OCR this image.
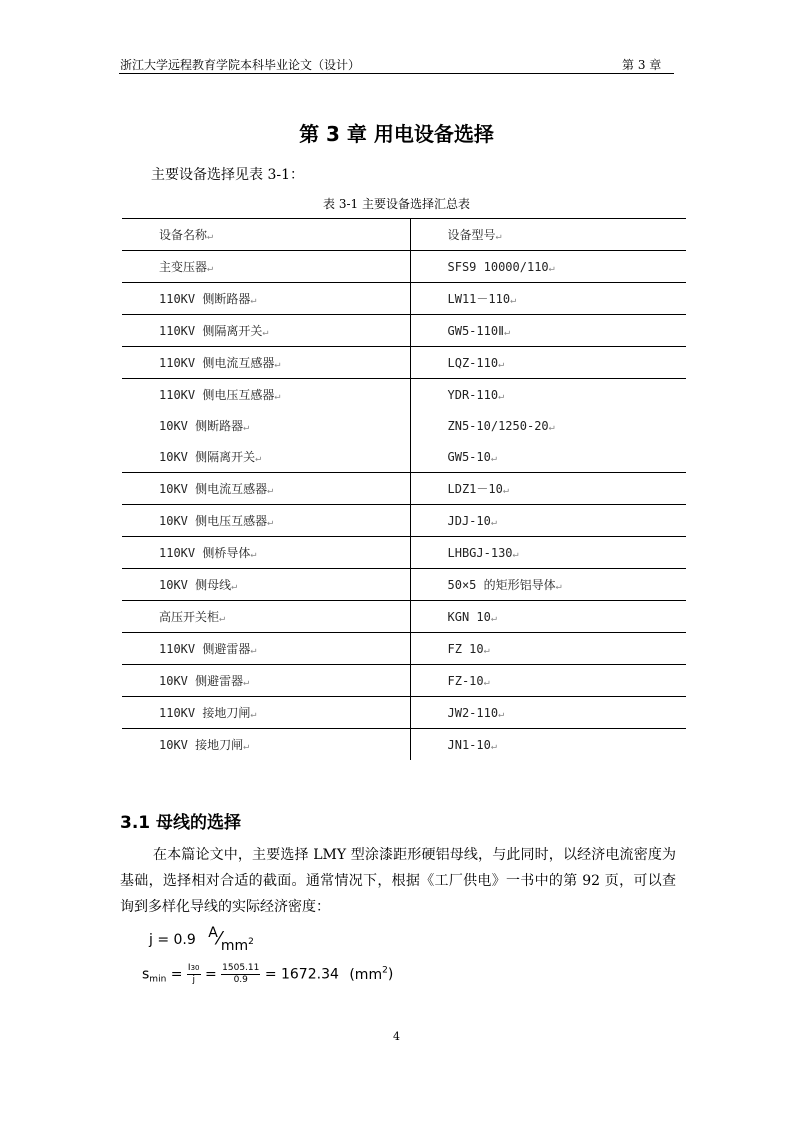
浙江大学远程教育学院本科毕业论文（设计）	第 3 章
第 3 章 用电设备选择
主要设备选择见表 3-1：
表 3-1 主要设备选择汇总表
设备名称↵	设备型号↵
主变压器↵	SFS9 10000/110↵
110KV 侧断路器↵	LW11－110↵
110KV 侧隔离开关↵	GW5-110Ⅱ↵
110KV 侧电流互感器↵	LQZ-110↵
110KV 侧电压互感器↵	YDR-110↵
10KV 侧断路器↵	ZN5-10/1250-20↵
10KV 侧隔离开关↵	GW5-10↵
10KV 侧电流互感器↵	LDZ1－10↵
10KV 侧电压互感器↵	JDJ-10↵
110KV 侧桥导体↵	LHBGJ-130↵
10KV 侧母线↵	50×5 的矩形铝导体↵
高压开关柜↵	KGN 10↵
110KV 侧避雷器↵	FZ 10↵
10KV 侧避雷器↵	FZ-10↵
110KV 接地刀闸↵	JW2-110↵
10KV 接地刀闸↵	JN1-10↵
3.1 母线的选择
在本篇论文中，主要选择 LMY 型涂漆距形硬铝母线，与此同时，以经济电流密度为基础，选择相对合适的截面。通常情况下，根据《工厂供电》一书中的第 92 页，可以查询到多样化导线的实际经济密度：
j = 0.9 A⁄mm2
$s_{min} = \frac{I30}{j} = \frac{1505.11}{0.9} = 1672.34$ $(mm^2)$
4
